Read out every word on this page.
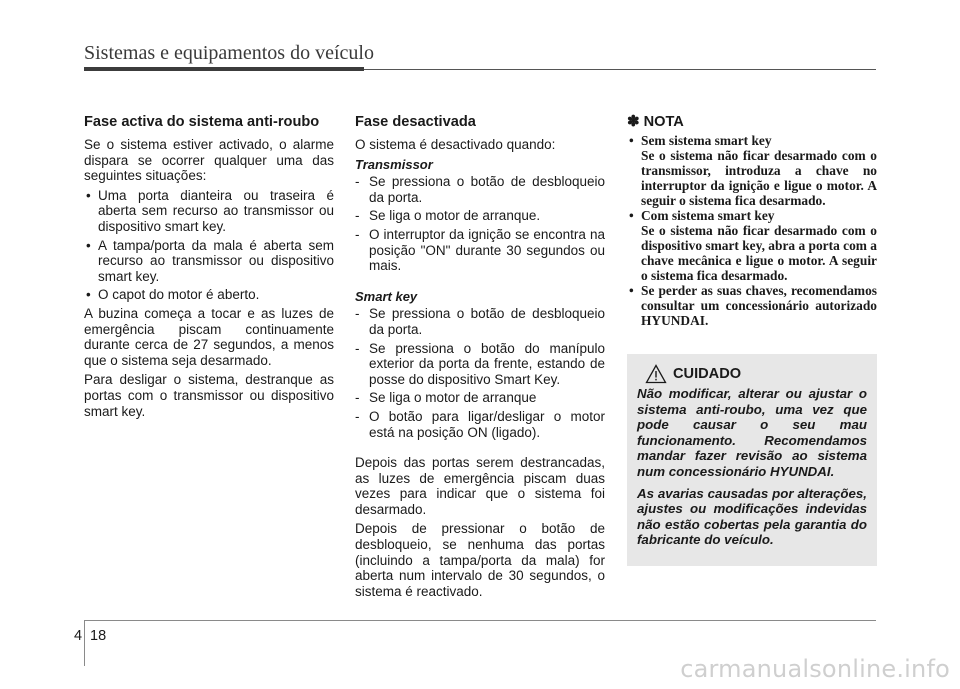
Sistemas e equipamentos do veículo
Fase activa do sistema anti-roubo

Se o sistema estiver activado, o alarme dispara se ocorrer qualquer uma das seguintes situações:

• Uma porta dianteira ou traseira é aberta sem recurso ao transmissor ou dispositivo smart key.
• A tampa/porta da mala é aberta sem recurso ao transmissor ou dispositivo smart key.
• O capot do motor é aberto.

A buzina começa a tocar e as luzes de emergência piscam continuamente durante cerca de 27 segundos, a menos que o sistema seja desarmado.

Para desligar o sistema, destranque as portas com o transmissor ou dispositivo smart key.

Fase desactivada

O sistema é desactivado quando:

Transmissor
- Se pressiona o botão de desbloqueio da porta.
- Se liga o motor de arranque.
- O interruptor da ignição se encontra na posição "ON" durante 30 segundos ou mais.
Smart key
- Se pressiona o botão de desbloqueio da porta.
- Se pressiona o botão do manípulo exterior da porta da frente, estando de posse do dispositivo Smart Key.
- Se liga o motor de arranque
- O botão para ligar/desligar o motor está na posição ON (ligado).

Depois das portas serem destrancadas, as luzes de emergência piscam duas vezes para indicar que o sistema foi desarmado.

Depois de pressionar o botão de desbloqueio, se nenhuma das portas (incluindo a tampa/porta da mala) for aberta num intervalo de 30 segundos, o sistema é reactivado.

✽ NOTA
• Sem sistema smart key
Se o sistema não ficar desarmado com o transmissor, introduza a chave no interruptor da ignição e ligue o motor. A seguir o sistema fica desarmado.
• Com sistema smart key
Se o sistema não ficar desarmado com o dispositivo smart key, abra a porta com a chave mecânica e ligue o motor. A seguir o sistema fica desarmado.
• Se perder as suas chaves, recomendamos consultar um concessionário autorizado HYUNDAI.
CUIDADO

Não modificar, alterar ou ajustar o sistema anti-roubo, uma vez que pode causar o seu mau funcionamento. Recomendamos mandar fazer revisão ao sistema num concessionário HYUNDAI.

As avarias causadas por alterações, ajustes ou modificações indevidas não estão cobertas pela garantia do fabricante do veículo.

4 18
carmanualsonline.info
